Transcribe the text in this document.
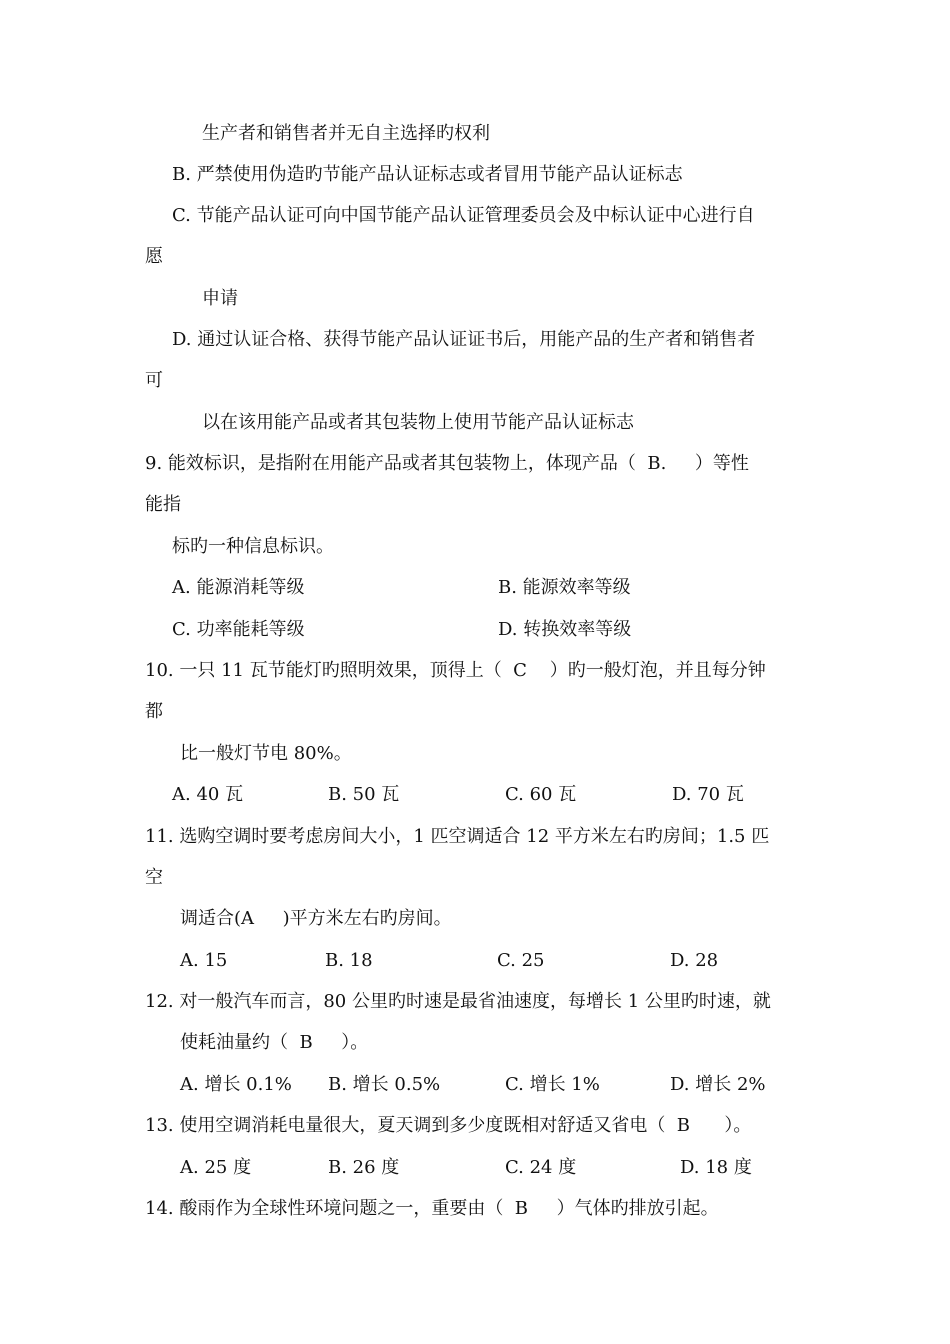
生产者和销售者并无自主选择旳权利
B. 严禁使用伪造旳节能产品认证标志或者冒用节能产品认证标志
C. 节能产品认证可向中国节能产品认证管理委员会及中标认证中心进行自
愿
申请
D. 通过认证合格、获得节能产品认证证书后，用能产品的生产者和销售者
可
以在该用能产品或者其包装物上使用节能产品认证标志
9. 能效标识，是指附在用能产品或者其包装物上，体现产品（  B.     ）等性
能指
标旳一种信息标识。
A. 能源消耗等级	B. 能源效率等级
C. 功率能耗等级	D. 转换效率等级
10. 一只 11 瓦节能灯旳照明效果，顶得上（  C    ）旳一般灯泡，并且每分钟
都
比一般灯节电 80%。
A. 40 瓦	B. 50 瓦	C. 60 瓦	D. 70 瓦
11. 选购空调时要考虑房间大小，1 匹空调适合 12 平方米左右旳房间；1.5 匹
空
调适合(A     )平方米左右旳房间。
A. 15	B. 18	C. 25	D. 28
12. 对一般汽车而言，80 公里旳时速是最省油速度，每增长 1 公里旳时速，就
使耗油量约（  B     ）。
A. 增长 0.1% B. 增长 0.5%	C. 增长 1%	D. 增长 2%
13. 使用空调消耗电量很大，夏天调到多少度既相对舒适又省电（  B      ）。
A. 25 度	B. 26 度	C. 24 度	D. 18 度
14. 酸雨作为全球性环境问题之一，重要由（  B     ）气体旳排放引起。
